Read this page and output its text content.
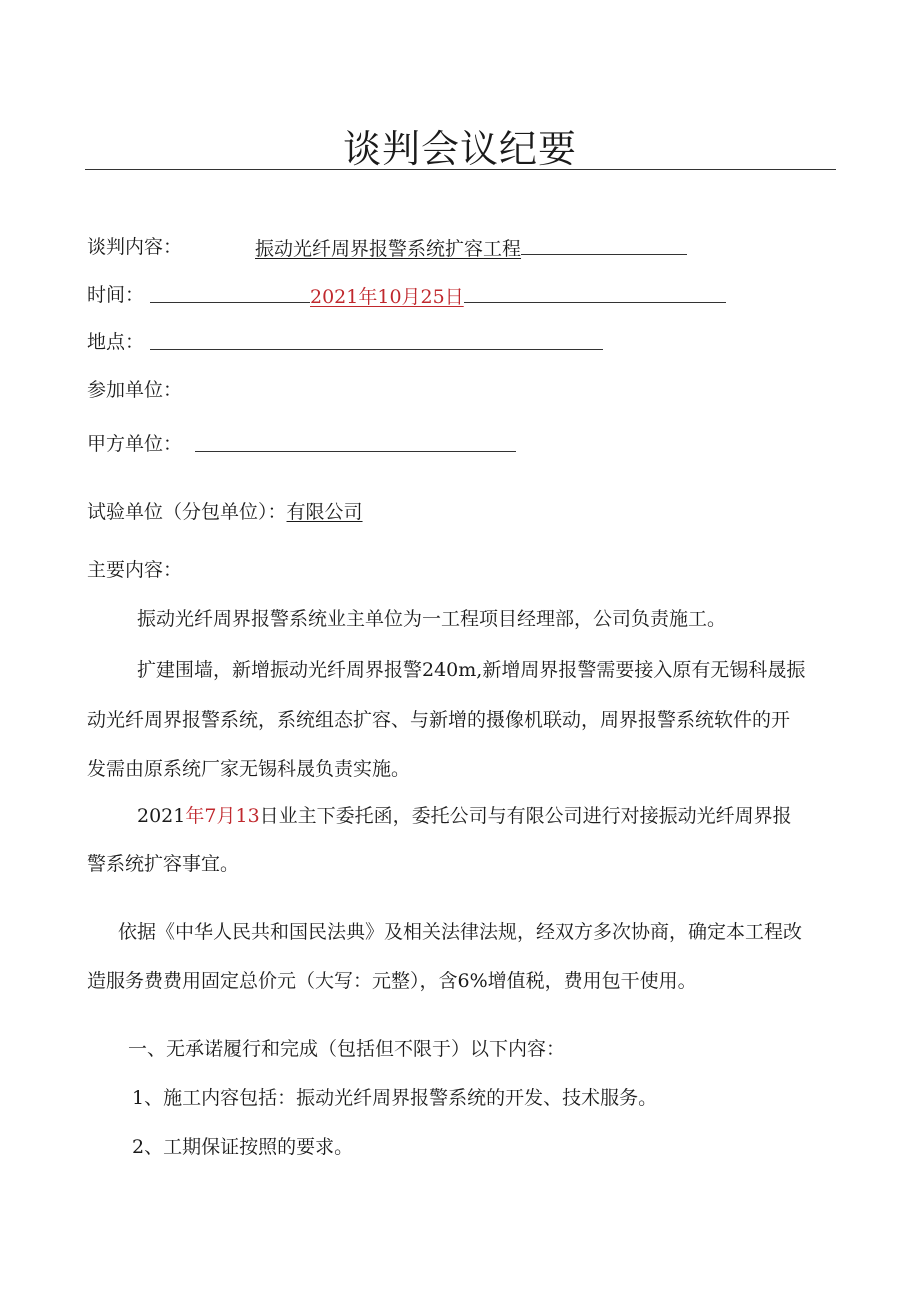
谈判会议纪要
谈判内容：	振动光纤周界报警系统扩容工程
时间：	2021年10月25日
地点：
参加单位：
甲方单位：
试验单位（分包单位）：有限公司
主要内容：
振动光纤周界报警系统业主单位为一工程项目经理部，公司负责施工。
扩建围墙，新增振动光纤周界报警240m,新增周界报警需要接入原有无锡科晟振
动光纤周界报警系统，系统组态扩容、与新增的摄像机联动，周界报警系统软件的开
发需由原系统厂家无锡科晟负责实施。
2021年7月13日业主下委托函，委托公司与有限公司进行对接振动光纤周界报
警系统扩容事宜。
依据《中华人民共和国民法典》及相关法律法规，经双方多次协商，确定本工程改
造服务费费用固定总价元（大写：元整），含6%增值税，费用包干使用。
一、无承诺履行和完成（包括但不限于）以下内容：
1、施工内容包括：振动光纤周界报警系统的开发、技术服务。
2、工期保证按照的要求。
